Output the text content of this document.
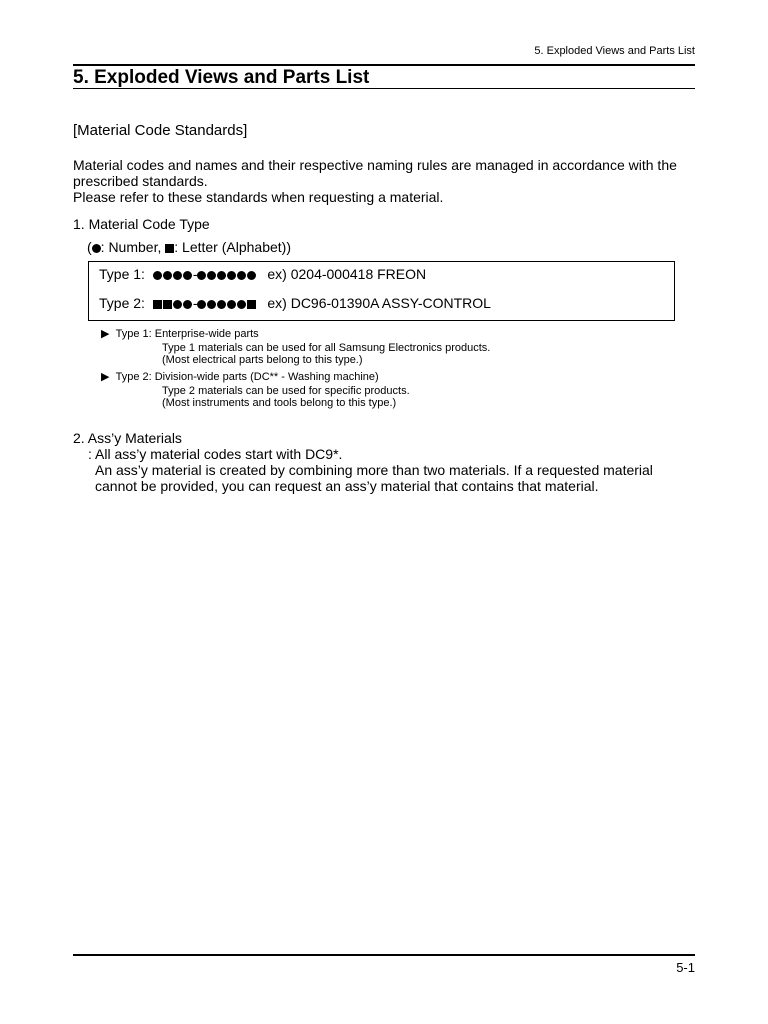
5. Exploded Views and Parts List
5. Exploded Views and Parts List
[Material Code Standards]
Material codes and names and their respective naming rules are managed in accordance with the prescribed standards.
Please refer to these standards when requesting a material.
1. Material Code Type
( : Number, : Letter (Alphabet))
Type 1:	-	ex) 0204-000418 FREON
Type 2:	-	ex) DC96-01390A ASSY-CONTROL
▶ Type 1: Enterprise-wide parts
Type 1 materials can be used for all Samsung Electronics products.
(Most electrical parts belong to this type.)
▶ Type 2: Division-wide parts (DC** - Washing machine)
Type 2 materials can be used for specific products.
(Most instruments and tools belong to this type.)
2. Ass’y Materials
: All ass’y material codes start with DC9*.
An ass’y material is created by combining more than two materials. If a requested material cannot be provided, you can request an ass’y material that contains that material.
5-1
